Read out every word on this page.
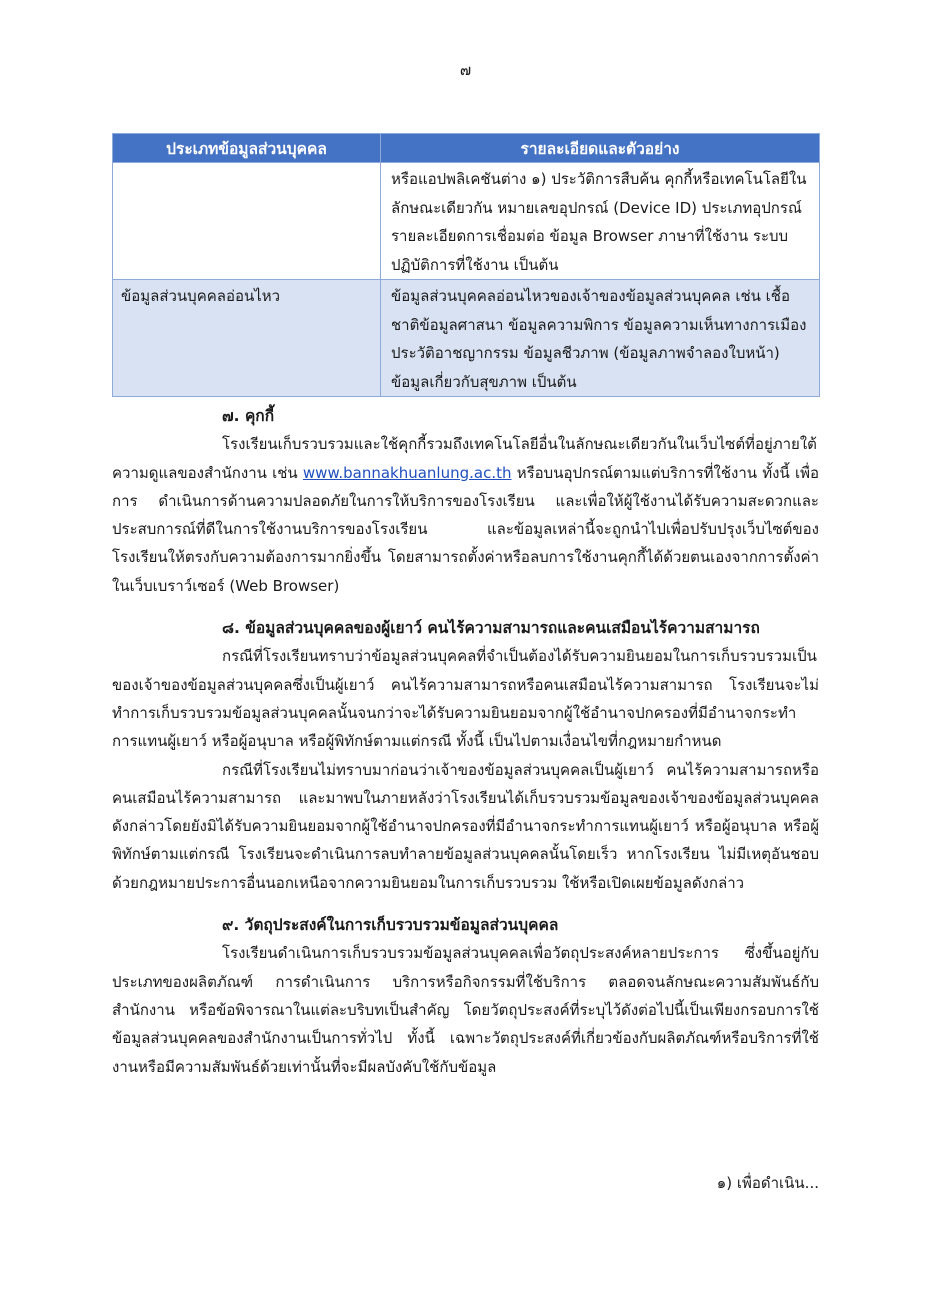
๗
ประเภทข้อมูลส่วนบุคคล	รายละเอียดและตัวอย่าง
	หรือแอปพลิเคชันต่าง ๑) ประวัติการสืบค้น คุกกี้หรือเทคโนโลยีในลักษณะเดียวกัน หมายเลขอุปกรณ์ (Device ID) ประเภทอุปกรณ์ รายละเอียดการเชื่อมต่อ ข้อมูล Browser ภาษาที่ใช้งาน ระบบปฏิบัติการที่ใช้งาน เป็นต้น
ข้อมูลส่วนบุคคลอ่อนไหว	ข้อมูลส่วนบุคคลอ่อนไหวของเจ้าของข้อมูลส่วนบุคคล เช่น เชื้อชาติข้อมูลศาสนา ข้อมูลความพิการ ข้อมูลความเห็นทางการเมือง ประวัติอาชญากรรม ข้อมูลชีวภาพ (ข้อมูลภาพจำลองใบหน้า) ข้อมูลเกี่ยวกับสุขภาพ เป็นต้น

๗. คุกกี้

โรงเรียนเก็บรวบรวมและใช้คุกกี้รวมถึงเทคโนโลยีอื่นในลักษณะเดียวกันในเว็บไซต์ที่อยู่ภายใต้ความดูแลของสำนักงาน เช่น www.bannakhuanlung.ac.th หรือบนอุปกรณ์ตามแต่บริการที่ใช้งาน ทั้งนี้ เพื่อการ ดำเนินการด้านความปลอดภัยในการให้บริการของโรงเรียน และเพื่อให้ผู้ใช้งานได้รับความสะดวกและ ประสบการณ์ที่ดีในการใช้งานบริการของโรงเรียน และข้อมูลเหล่านี้จะถูกนำไปเพื่อปรับปรุงเว็บไซต์ของ โรงเรียนให้ตรงกับความต้องการมากยิ่งขึ้น โดยสามารถตั้งค่าหรือลบการใช้งานคุกกี้ได้ด้วยตนเองจากการตั้งค่าในเว็บเบราว์เซอร์ (Web Browser)

๘. ข้อมูลส่วนบุคคลของผู้เยาว์ คนไร้ความสามารถและคนเสมือนไร้ความสามารถ

กรณีที่โรงเรียนทราบว่าข้อมูลส่วนบุคคลที่จำเป็นต้องได้รับความยินยอมในการเก็บรวบรวมเป็นของเจ้าของข้อมูลส่วนบุคคลซึ่งเป็นผู้เยาว์ คนไร้ความสามารถหรือคนเสมือนไร้ความสามารถ โรงเรียนจะไม่ทำการเก็บรวบรวมข้อมูลส่วนบุคคลนั้นจนกว่าจะได้รับความยินยอมจากผู้ใช้อำนาจปกครองที่มีอำนาจกระทำการแทนผู้เยาว์ หรือผู้อนุบาล หรือผู้พิทักษ์ตามแต่กรณี ทั้งนี้ เป็นไปตามเงื่อนไขที่กฎหมายกำหนด

กรณีที่โรงเรียนไม่ทราบมาก่อนว่าเจ้าของข้อมูลส่วนบุคคลเป็นผู้เยาว์ คนไร้ความสามารถหรือคนเสมือนไร้ความสามารถ และมาพบในภายหลังว่าโรงเรียนได้เก็บรวบรวมข้อมูลของเจ้าของข้อมูลส่วนบุคคลดังกล่าวโดยยังมิได้รับความยินยอมจากผู้ใช้อำนาจปกครองที่มีอำนาจกระทำการแทนผู้เยาว์ หรือผู้อนุบาล หรือผู้พิทักษ์ตามแต่กรณี โรงเรียนจะดำเนินการลบทำลายข้อมูลส่วนบุคคลนั้นโดยเร็ว หากโรงเรียน ไม่มีเหตุอันชอบด้วยกฎหมายประการอื่นนอกเหนือจากความยินยอมในการเก็บรวบรวม ใช้หรือเปิดเผยข้อมูลดังกล่าว

๙. วัตถุประสงค์ในการเก็บรวบรวมข้อมูลส่วนบุคคล

โรงเรียนดำเนินการเก็บรวบรวมข้อมูลส่วนบุคคลเพื่อวัตถุประสงค์หลายประการ ซึ่งขึ้นอยู่กับประเภทของผลิตภัณฑ์ การดำเนินการ บริการหรือกิจกรรมที่ใช้บริการ ตลอดจนลักษณะความสัมพันธ์กับสำนักงาน หรือข้อพิจารณาในแต่ละบริบทเป็นสำคัญ โดยวัตถุประสงค์ที่ระบุไว้ดังต่อไปนี้เป็นเพียงกรอบการใช้ข้อมูลส่วนบุคคลของสำนักงานเป็นการทั่วไป ทั้งนี้ เฉพาะวัตถุประสงค์ที่เกี่ยวข้องกับผลิตภัณฑ์หรือบริการที่ใช้ งานหรือมีความสัมพันธ์ด้วยเท่านั้นที่จะมีผลบังคับใช้กับข้อมูล

๑) เพื่อดำเนิน...
